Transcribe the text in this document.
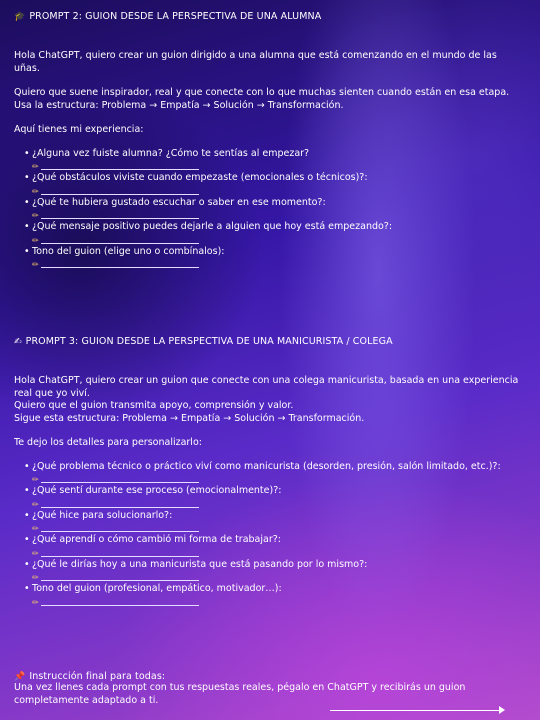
🎓 PROMPT 2: GUION DESDE LA PERSPECTIVA DE UNA ALUMNA

Hola ChatGPT, quiero crear un guion dirigido a una alumna que está comenzando en el mundo de las uñas.

Quiero que suene inspirador, real y que conecte con lo que muchas sienten cuando están en esa etapa.

Usa la estructura: Problema → Empatía → Solución → Transformación.

Aquí tienes mi experiencia:

• ¿Alguna vez fuiste alumna? ¿Cómo te sentías al empezar?
✏
• ¿Qué obstáculos viviste cuando empezaste (emocionales o técnicos)?:
✏
• ¿Qué te hubiera gustado escuchar o saber en ese momento?:
✏
• ¿Qué mensaje positivo puedes dejarle a alguien que hoy está empezando?:
✏
• Tono del guion (elige uno o combínalos):
✏
✍ PROMPT 3: GUION DESDE LA PERSPECTIVA DE UNA MANICURISTA / COLEGA

Hola ChatGPT, quiero crear un guion que conecte con una colega manicurista, basada en una experiencia real que yo viví.

Quiero que el guion transmita apoyo, comprensión y valor.

Sigue esta estructura: Problema → Empatía → Solución → Transformación.

Te dejo los detalles para personalizarlo:

• ¿Qué problema técnico o práctico viví como manicurista (desorden, presión, salón limitado, etc.)?:
✏
• ¿Qué sentí durante ese proceso (emocionalmente)?:
✏
• ¿Qué hice para solucionarlo?:
✏
• ¿Qué aprendí o cómo cambió mi forma de trabajar?:
✏
• ¿Qué le dirías hoy a una manicurista que está pasando por lo mismo?:
✏
• Tono del guion (profesional, empático, motivador…):
✏
📌 Instrucción final para todas:

Una vez llenes cada prompt con tus respuestas reales, pégalo en ChatGPT y recibirás un guion completamente adaptado a ti.
